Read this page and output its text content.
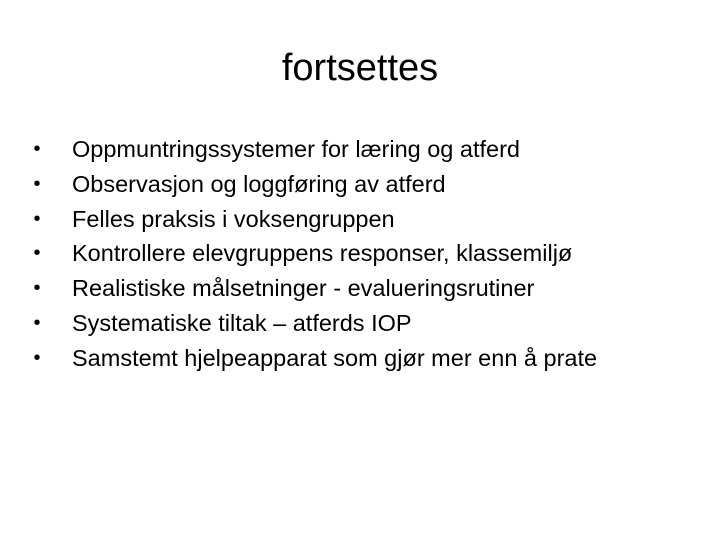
fortsettes
• Oppmuntringssystemer for læring og atferd
• Observasjon og loggføring av atferd
• Felles praksis i voksengruppen
• Kontrollere elevgruppens responser, klassemiljø
• Realistiske målsetninger - evalueringsrutiner
• Systematiske tiltak – atferds IOP
• Samstemt hjelpeapparat som gjør mer enn å prate
